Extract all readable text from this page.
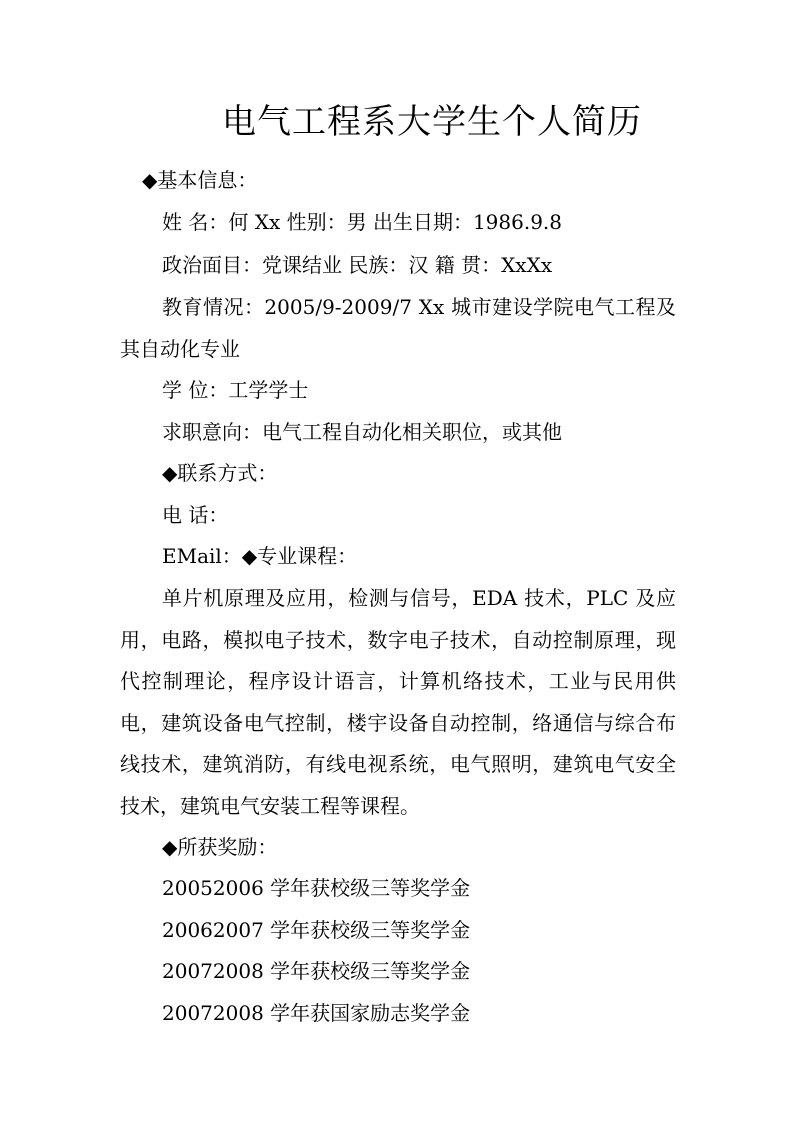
电气工程系大学生个人简历
◆基本信息：
姓 名：何 Xx 性别：男 出生日期：1986.9.8
政治面目：党课结业 民族：汉 籍 贯：XxXx
教育情况：2005/9-2009/7 Xx 城市建设学院电气工程及其自动化专业
学 位：工学学士
求职意向：电气工程自动化相关职位，或其他
◆联系方式：
电 话：
EMail：◆专业课程：
单片机原理及应用，检测与信号，EDA 技术，PLC 及应用，电路，模拟电子技术，数字电子技术，自动控制原理，现代控制理论，程序设计语言，计算机络技术，工业与民用供电，建筑设备电气控制，楼宇设备自动控制，络通信与综合布线技术，建筑消防，有线电视系统，电气照明，建筑电气安全技术，建筑电气安装工程等课程。
◆所获奖励：
20052006 学年获校级三等奖学金
20062007 学年获校级三等奖学金
20072008 学年获校级三等奖学金
20072008 学年获国家励志奖学金
